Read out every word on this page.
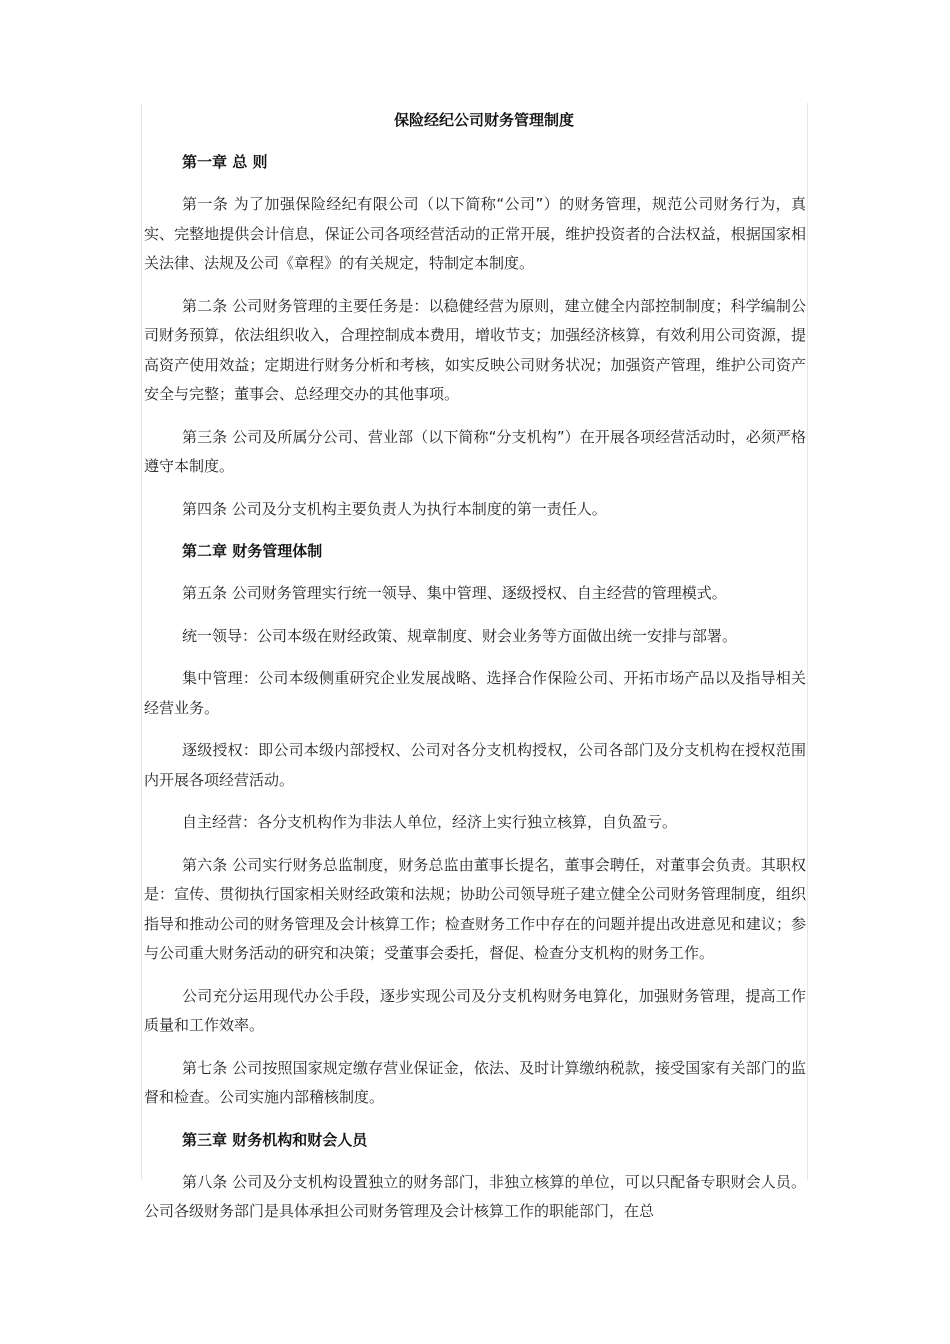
保险经纪公司财务管理制度

第一章 总 则

第一条 为了加强保险经纪有限公司（以下简称“公司”）的财务管理，规范公司财务行为，真实、完整地提供会计信息，保证公司各项经营活动的正常开展，维护投资者的合法权益，根据国家相关法律、法规及公司《章程》的有关规定，特制定本制度。

第二条 公司财务管理的主要任务是：以稳健经营为原则，建立健全内部控制制度；科学编制公司财务预算，依法组织收入，合理控制成本费用，增收节支；加强经济核算，有效利用公司资源，提高资产使用效益；定期进行财务分析和考核，如实反映公司财务状况；加强资产管理，维护公司资产安全与完整；董事会、总经理交办的其他事项。

第三条 公司及所属分公司、营业部（以下简称“分支机构”）在开展各项经营活动时，必须严格遵守本制度。

第四条 公司及分支机构主要负责人为执行本制度的第一责任人。

第二章 财务管理体制

第五条 公司财务管理实行统一领导、集中管理、逐级授权、自主经营的管理模式。

统一领导：公司本级在财经政策、规章制度、财会业务等方面做出统一安排与部署。

集中管理：公司本级侧重研究企业发展战略、选择合作保险公司、开拓市场产品以及指导相关经营业务。

逐级授权：即公司本级内部授权、公司对各分支机构授权，公司各部门及分支机构在授权范围内开展各项经营活动。

自主经营：各分支机构作为非法人单位，经济上实行独立核算，自负盈亏。

第六条 公司实行财务总监制度，财务总监由董事长提名，董事会聘任，对董事会负责。其职权是：宣传、贯彻执行国家相关财经政策和法规；协助公司领导班子建立健全公司财务管理制度，组织指导和推动公司的财务管理及会计核算工作；检查财务工作中存在的问题并提出改进意见和建议；参与公司重大财务活动的研究和决策；受董事会委托，督促、检查分支机构的财务工作。

公司充分运用现代办公手段，逐步实现公司及分支机构财务电算化，加强财务管理，提高工作质量和工作效率。

第七条 公司按照国家规定缴存营业保证金，依法、及时计算缴纳税款，接受国家有关部门的监督和检查。公司实施内部稽核制度。

第三章 财务机构和财会人员

第八条 公司及分支机构设置独立的财务部门，非独立核算的单位，可以只配备专职财会人员。公司各级财务部门是具体承担公司财务管理及会计核算工作的职能部门，在总
